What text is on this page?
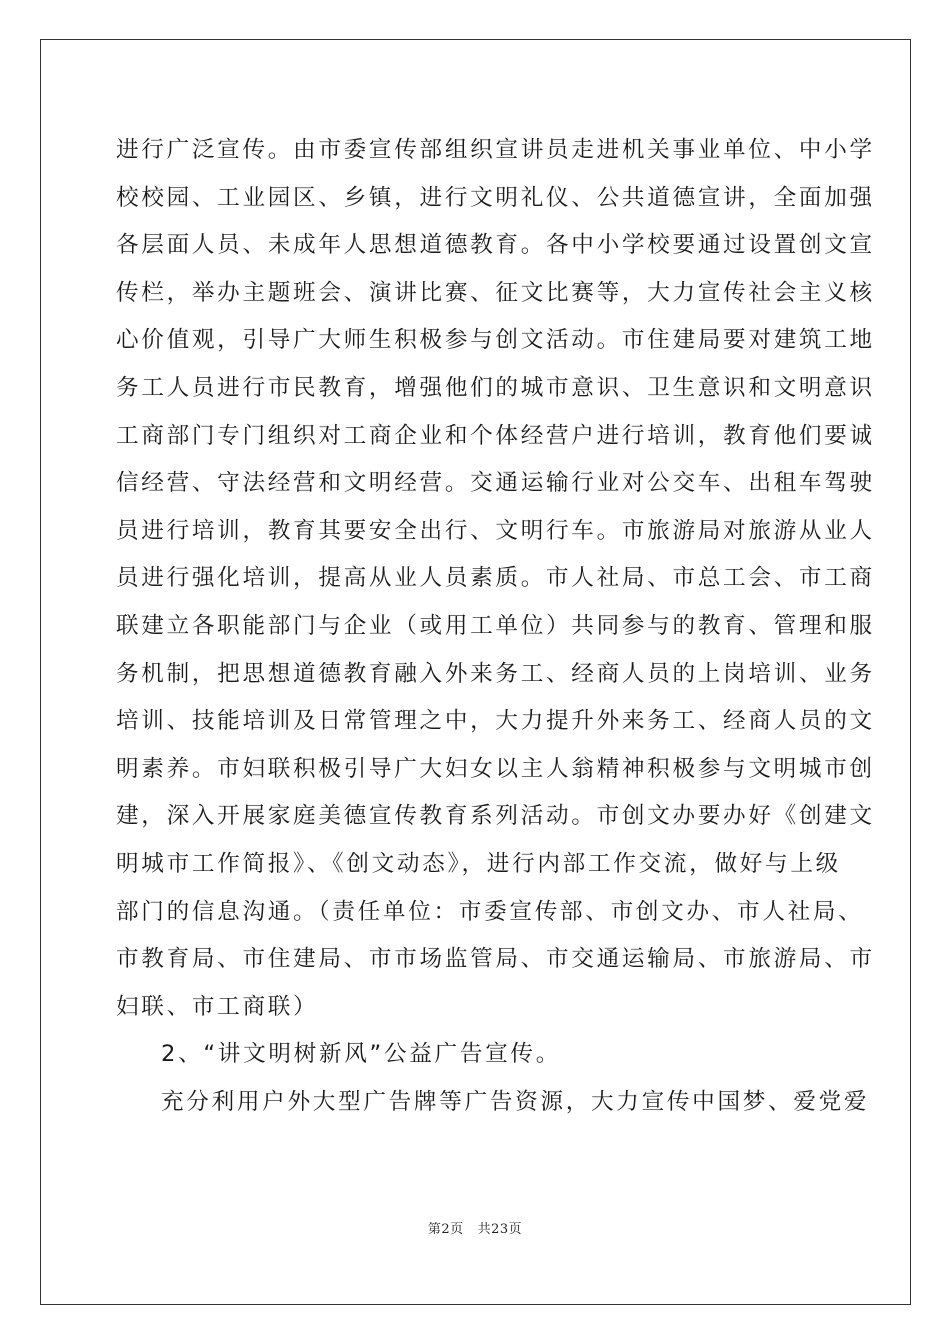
进行广泛宣传。由市委宣传部组织宣讲员走进机关事业单位、中小学
校校园、工业园区、乡镇，进行文明礼仪、公共道德宣讲，全面加强
各层面人员、未成年人思想道德教育。各中小学校要通过设置创文宣
传栏，举办主题班会、演讲比赛、征文比赛等，大力宣传社会主义核
心价值观，引导广大师生积极参与创文活动。市住建局要对建筑工地
务工人员进行市民教育，增强他们的城市意识、卫生意识和文明意识
工商部门专门组织对工商企业和个体经营户进行培训，教育他们要诚
信经营、守法经营和文明经营。交通运输行业对公交车、出租车驾驶
员进行培训，教育其要安全出行、文明行车。市旅游局对旅游从业人
员进行强化培训，提高从业人员素质。市人社局、市总工会、市工商
联建立各职能部门与企业（或用工单位）共同参与的教育、管理和服
务机制，把思想道德教育融入外来务工、经商人员的上岗培训、业务
培训、技能培训及日常管理之中，大力提升外来务工、经商人员的文
明素养。市妇联积极引导广大妇女以主人翁精神积极参与文明城市创
建，深入开展家庭美德宣传教育系列活动。市创文办要办好《创建文
明城市工作简报》、《创文动态》，进行内部工作交流，做好与上级
部门的信息沟通。（责任单位：市委宣传部、市创文办、市人社局、
市教育局、市住建局、市市场监管局、市交通运输局、市旅游局、市
妇联、市工商联）
2、“讲文明树新风”公益广告宣传。
充分利用户外大型广告牌等广告资源，大力宣传中国梦、爱党爱
第2页 共23页
